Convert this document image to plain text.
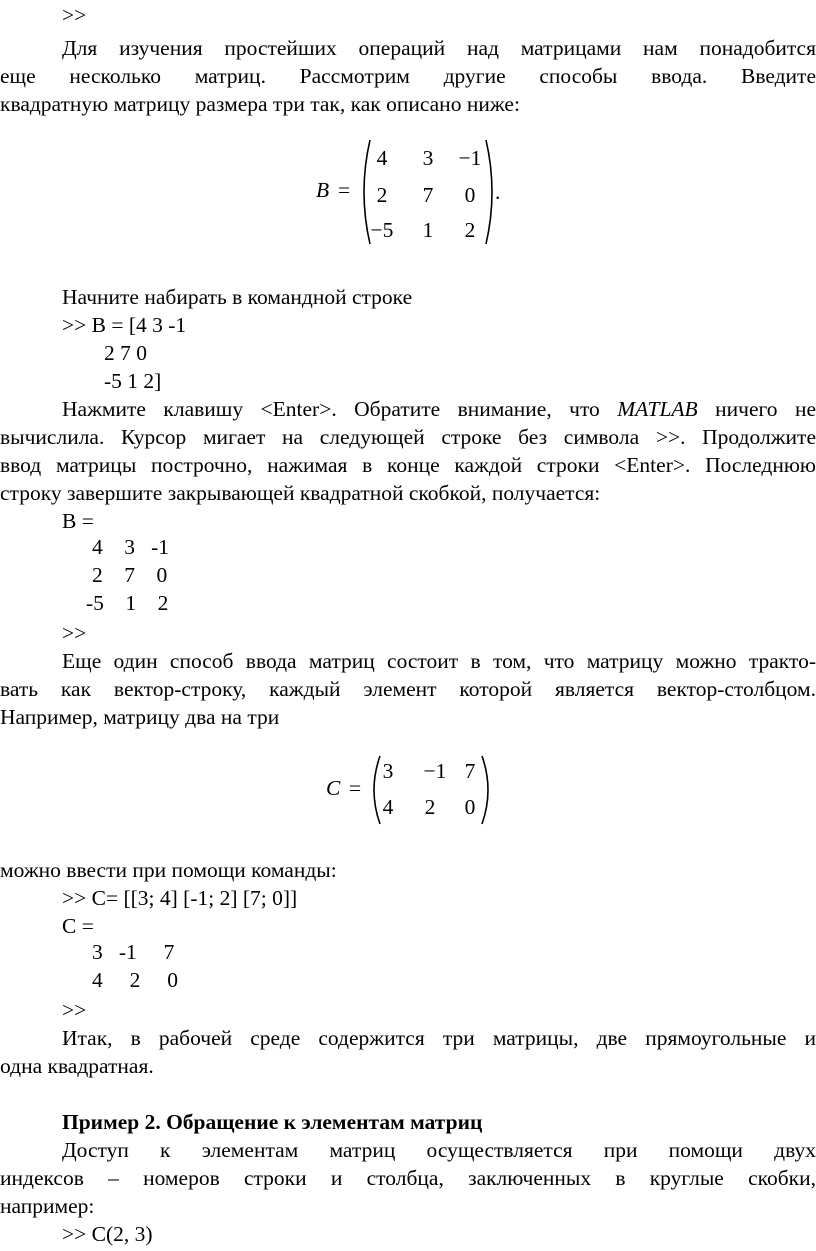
>>
Для изучения простейших операций над матрицами нам понадобится
еще несколько матриц. Рассмотрим другие способы ввода. Введите
квадратную матрицу размера три так, как описано ниже:
B =
4	3	−1
2	7	0
−5	1	2
.
Начните набирать в командной строке
>> B = [4 3 -1
2 7 0
-5 1 2]
Нажмите клавишу <Enter>. Обратите внимание, что MATLAB ничего не
вычислила. Курсор мигает на следующей строке без символа >>. Продолжите
ввод матрицы построчно, нажимая в конце каждой строки <Enter>. Последнюю
строку завершите закрывающей квадратной скобкой, получается:
B =
4    3   -1
2    7    0
-5    1    2
>>
Еще один способ ввода матриц состоит в том, что матрицу можно тракто-
вать как вектор-строку, каждый элемент которой является вектор-столбцом.
Например, матрицу два на три
C =
3	−1 7
4	2	0
можно ввести при помощи команды:
>> C= [[3; 4] [-1; 2] [7; 0]]
C =
3   -1     7
4     2     0
>>
Итак, в рабочей среде содержится три матрицы, две прямоугольные и
одна квадратная.
Пример 2. Обращение к элементам матриц
Доступ к элементам матриц осуществляется при помощи двух
индексов – номеров строки и столбца, заключенных в круглые скобки,
например:
>> C(2, 3)
